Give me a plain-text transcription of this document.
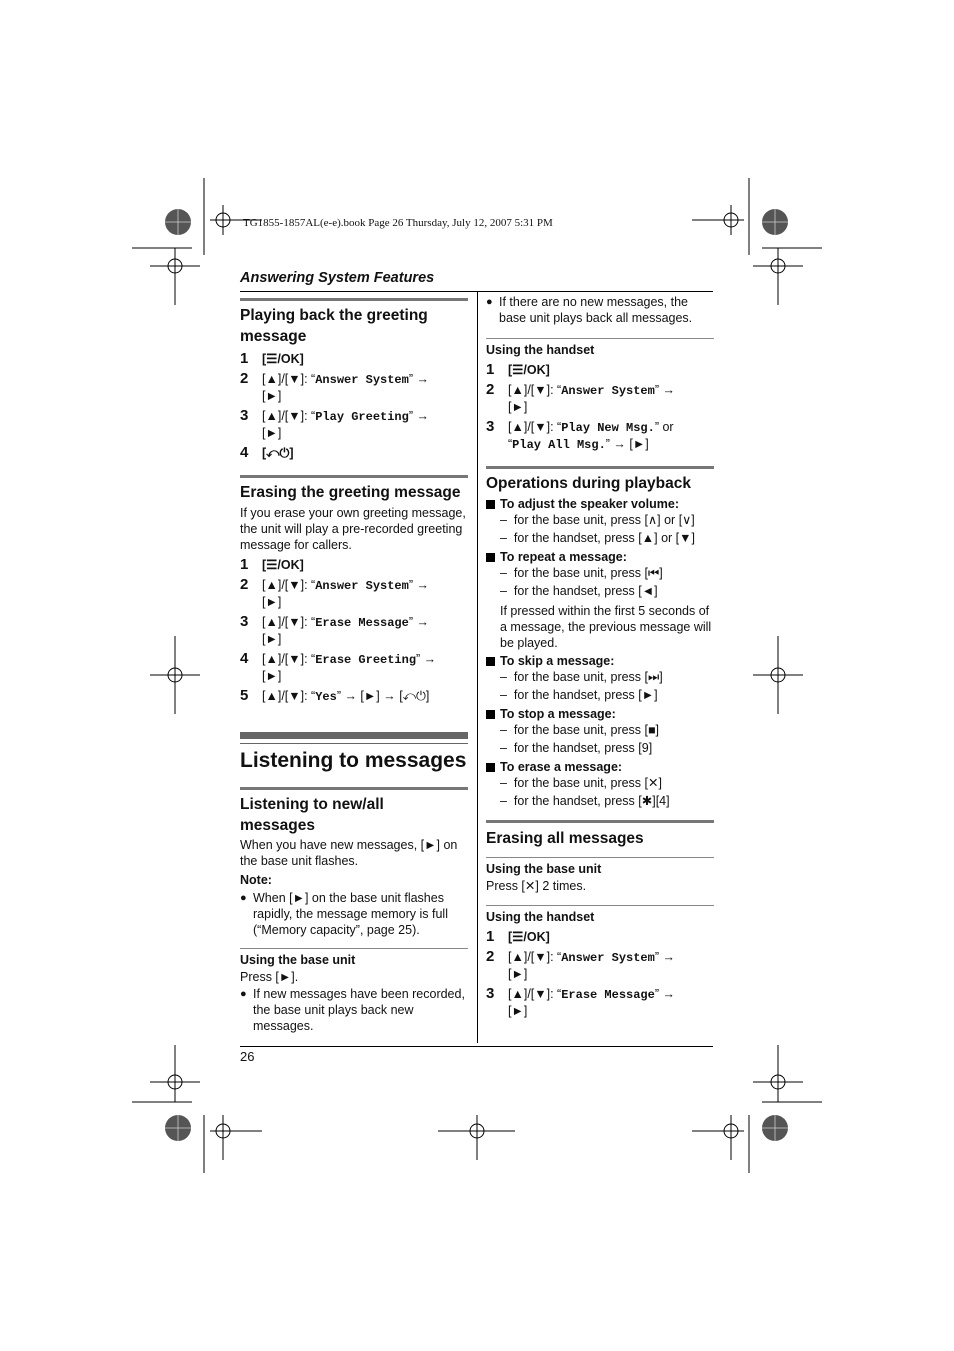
TG1855-1857AL(e-e).book Page 26 Thursday, July 12, 2007 5:31 PM
Answering System Features
Playing back the greeting
message
1	[☰/OK]
2	[▲]/[▼]: “Answer System” →
[►]
3	[▲]/[▼]: “Play Greeting” →
[►]
4	[⤺⏻]
Erasing the greeting message
If you erase your own greeting message, the unit will play a pre-recorded greeting message for callers.
1	[☰/OK]
2	[▲]/[▼]: “Answer System” →
[►]
3	[▲]/[▼]: “Erase Message” →
[►]
4	[▲]/[▼]: “Erase Greeting” →
[►]
5	[▲]/[▼]: “Yes” → [►] → [⤺⏻]
Listening to messages
Listening to new/all
messages
When you have new messages, [►] on the base unit flashes.
Note:
● When [►] on the base unit flashes rapidly, the message memory is full (“Memory capacity”, page 25).
Using the base unit
Press [►].
● If new messages have been recorded, the base unit plays back new messages.
● If there are no new messages, the base unit plays back all messages.
Using the handset
1	[☰/OK]
2	[▲]/[▼]: “Answer System” →
[►]
3	[▲]/[▼]: “Play New Msg.” or
“Play All Msg.” → [►]
Operations during playback
To adjust the speaker volume:
–  for the base unit, press [∧] or [∨]
–  for the handset, press [▲] or [▼]
To repeat a message:
–  for the base unit, press [⏮]
–  for the handset, press [◄]
If pressed within the first 5 seconds of a message, the previous message will be played.
To skip a message:
–  for the base unit, press [⏭]
–  for the handset, press [►]
To stop a message:
–  for the base unit, press [■]
–  for the handset, press [9]
To erase a message:
–  for the base unit, press [✕]
–  for the handset, press [✱][4]
Erasing all messages
Using the base unit
Press [✕] 2 times.
Using the handset
1	[☰/OK]
2	[▲]/[▼]: “Answer System” →
[►]
3	[▲]/[▼]: “Erase Message” →
[►]
26
